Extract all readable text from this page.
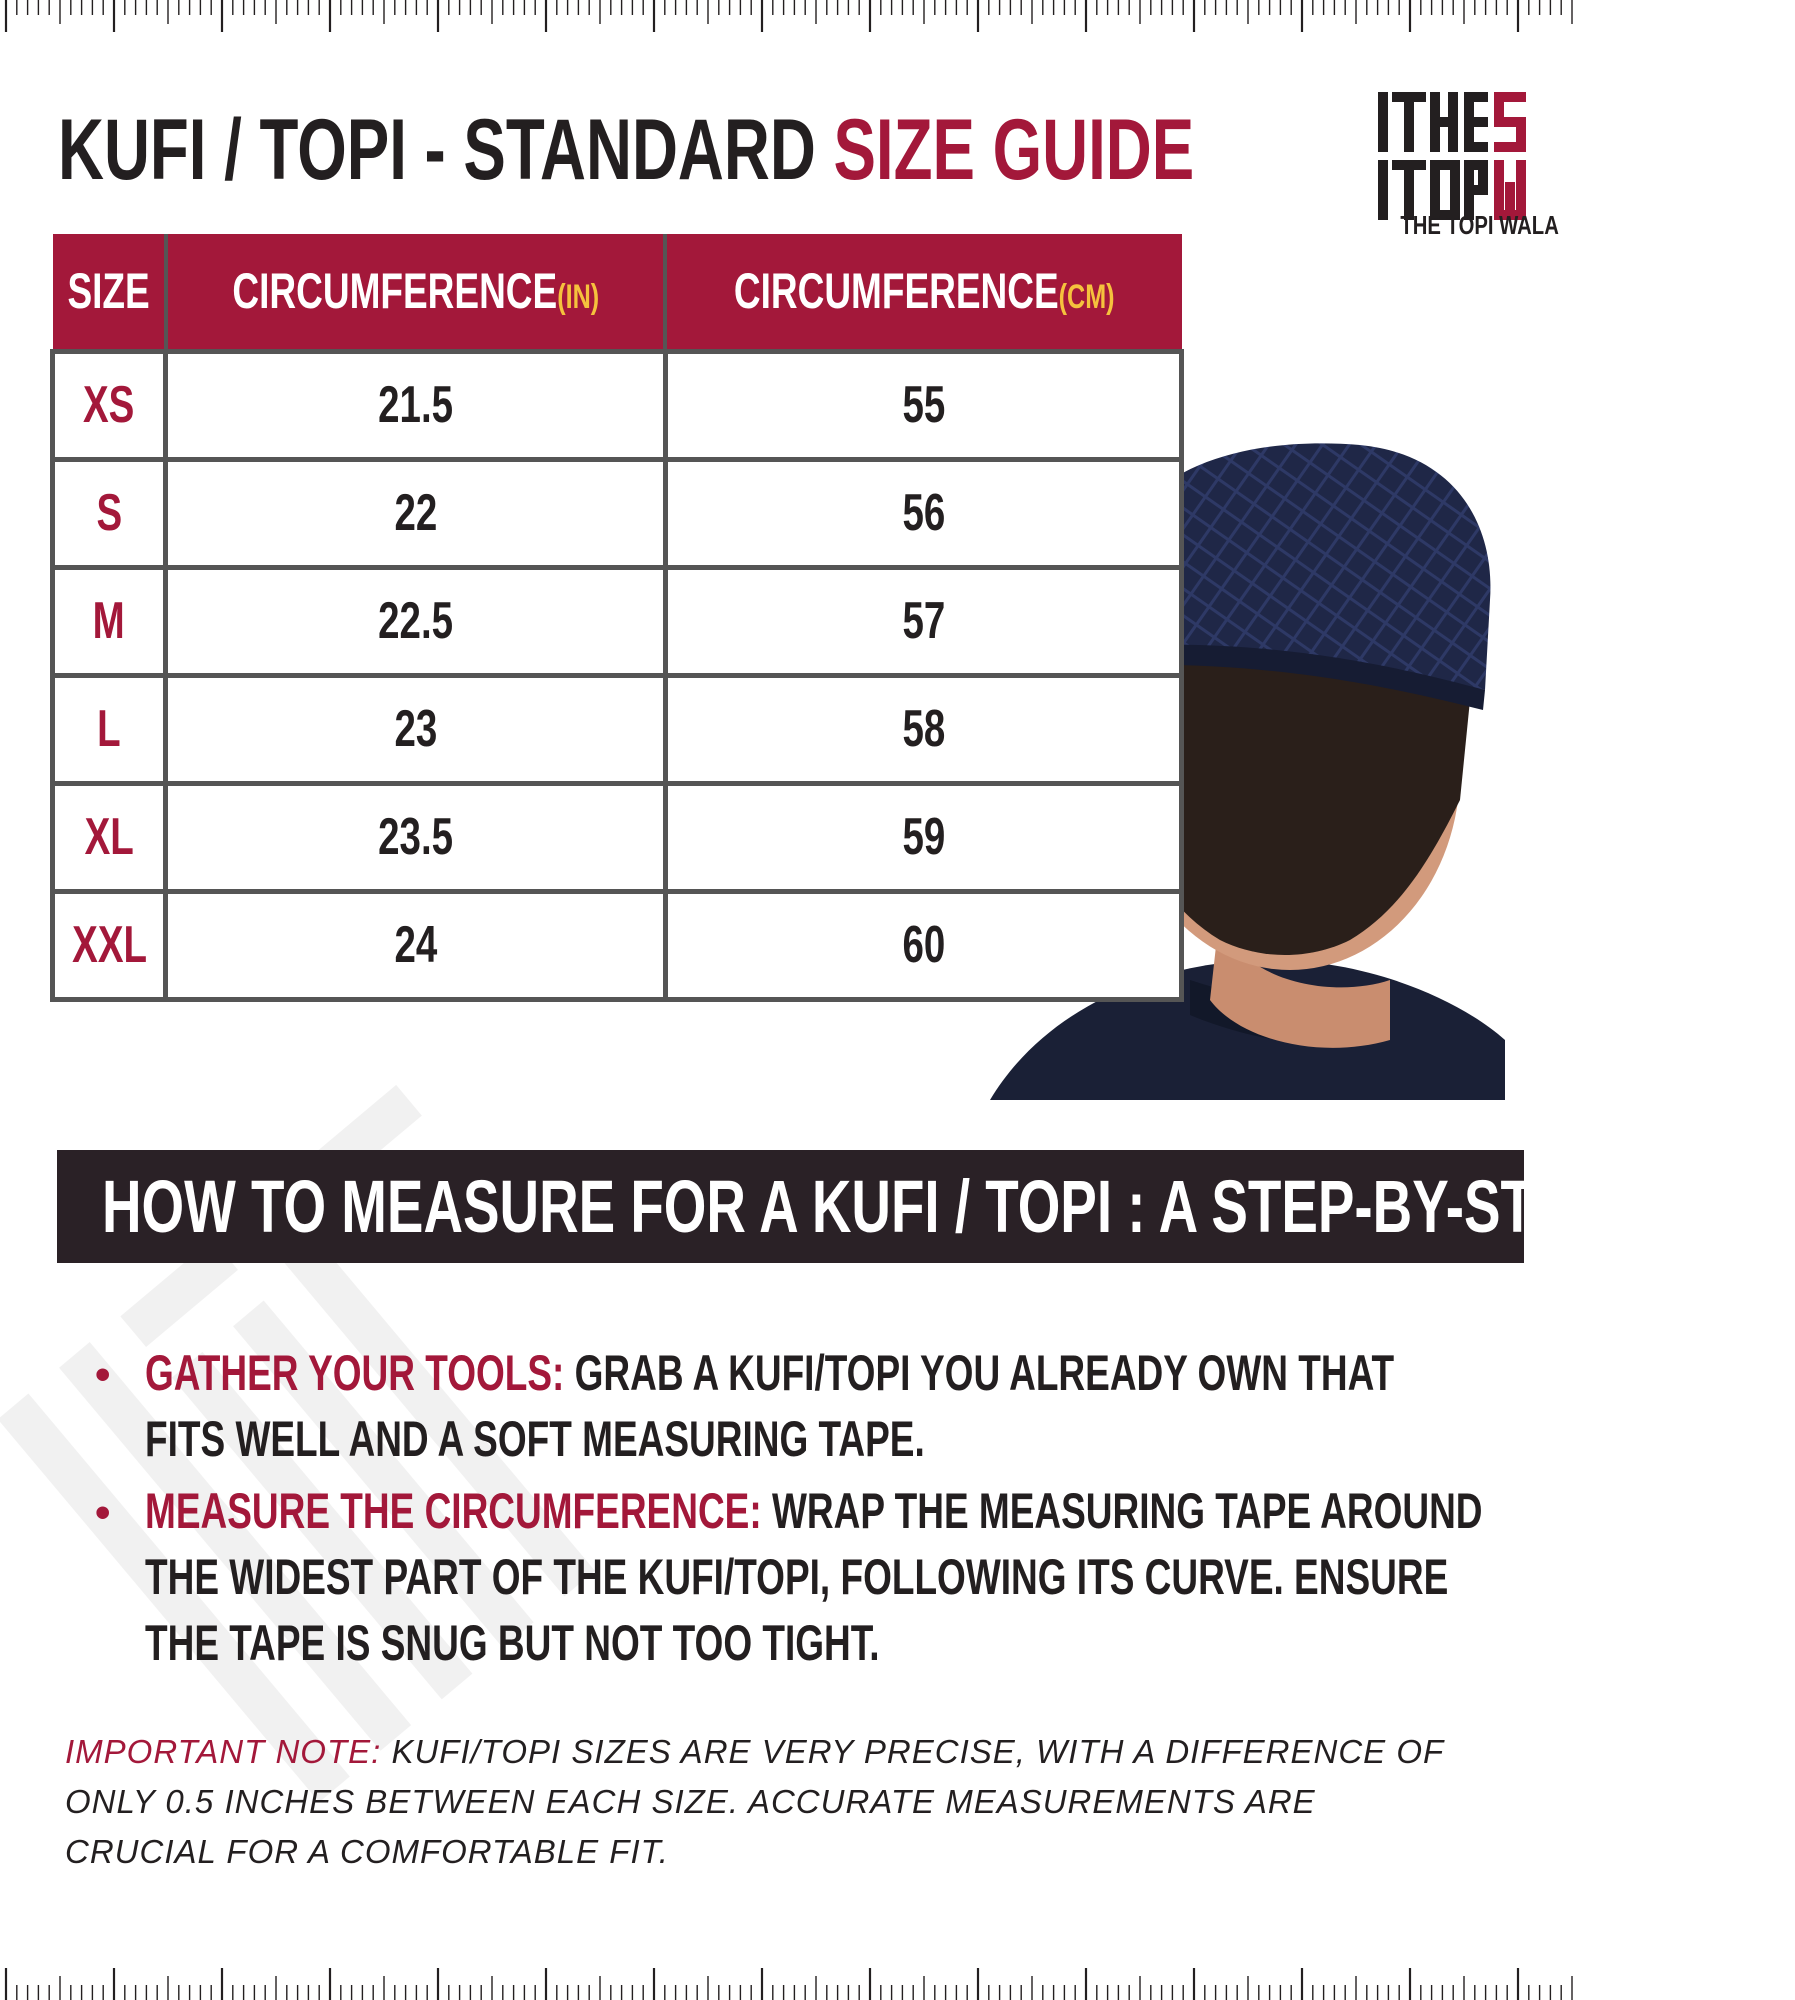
KUFI / TOPI - STANDARD SIZE GUIDE
THE TOPI WALA
SIZE	CIRCUMFERENCE(IN)	CIRCUMFERENCE(CM)
XS	21.5	55
S	22	56
M	22.5	57
L	23	58
XL	23.5	59
XXL	24	60
HOW TO MEASURE FOR A KUFI / TOPI : A STEP-BY-STEP GUIDE
• GATHER YOUR TOOLS: GRAB A KUFI/TOPI YOU ALREADY OWN THAT FITS WELL AND A SOFT MEASURING TAPE.
• MEASURE THE CIRCUMFERENCE: WRAP THE MEASURING TAPE AROUND THE WIDEST PART OF THE KUFI/TOPI, FOLLOWING ITS CURVE. ENSURE THE TAPE IS SNUG BUT NOT TOO TIGHT.
IMPORTANT NOTE: KUFI/TOPI SIZES ARE VERY PRECISE, WITH A DIFFERENCE OF ONLY 0.5 INCHES BETWEEN EACH SIZE. ACCURATE MEASUREMENTS ARE CRUCIAL FOR A COMFORTABLE FIT.
